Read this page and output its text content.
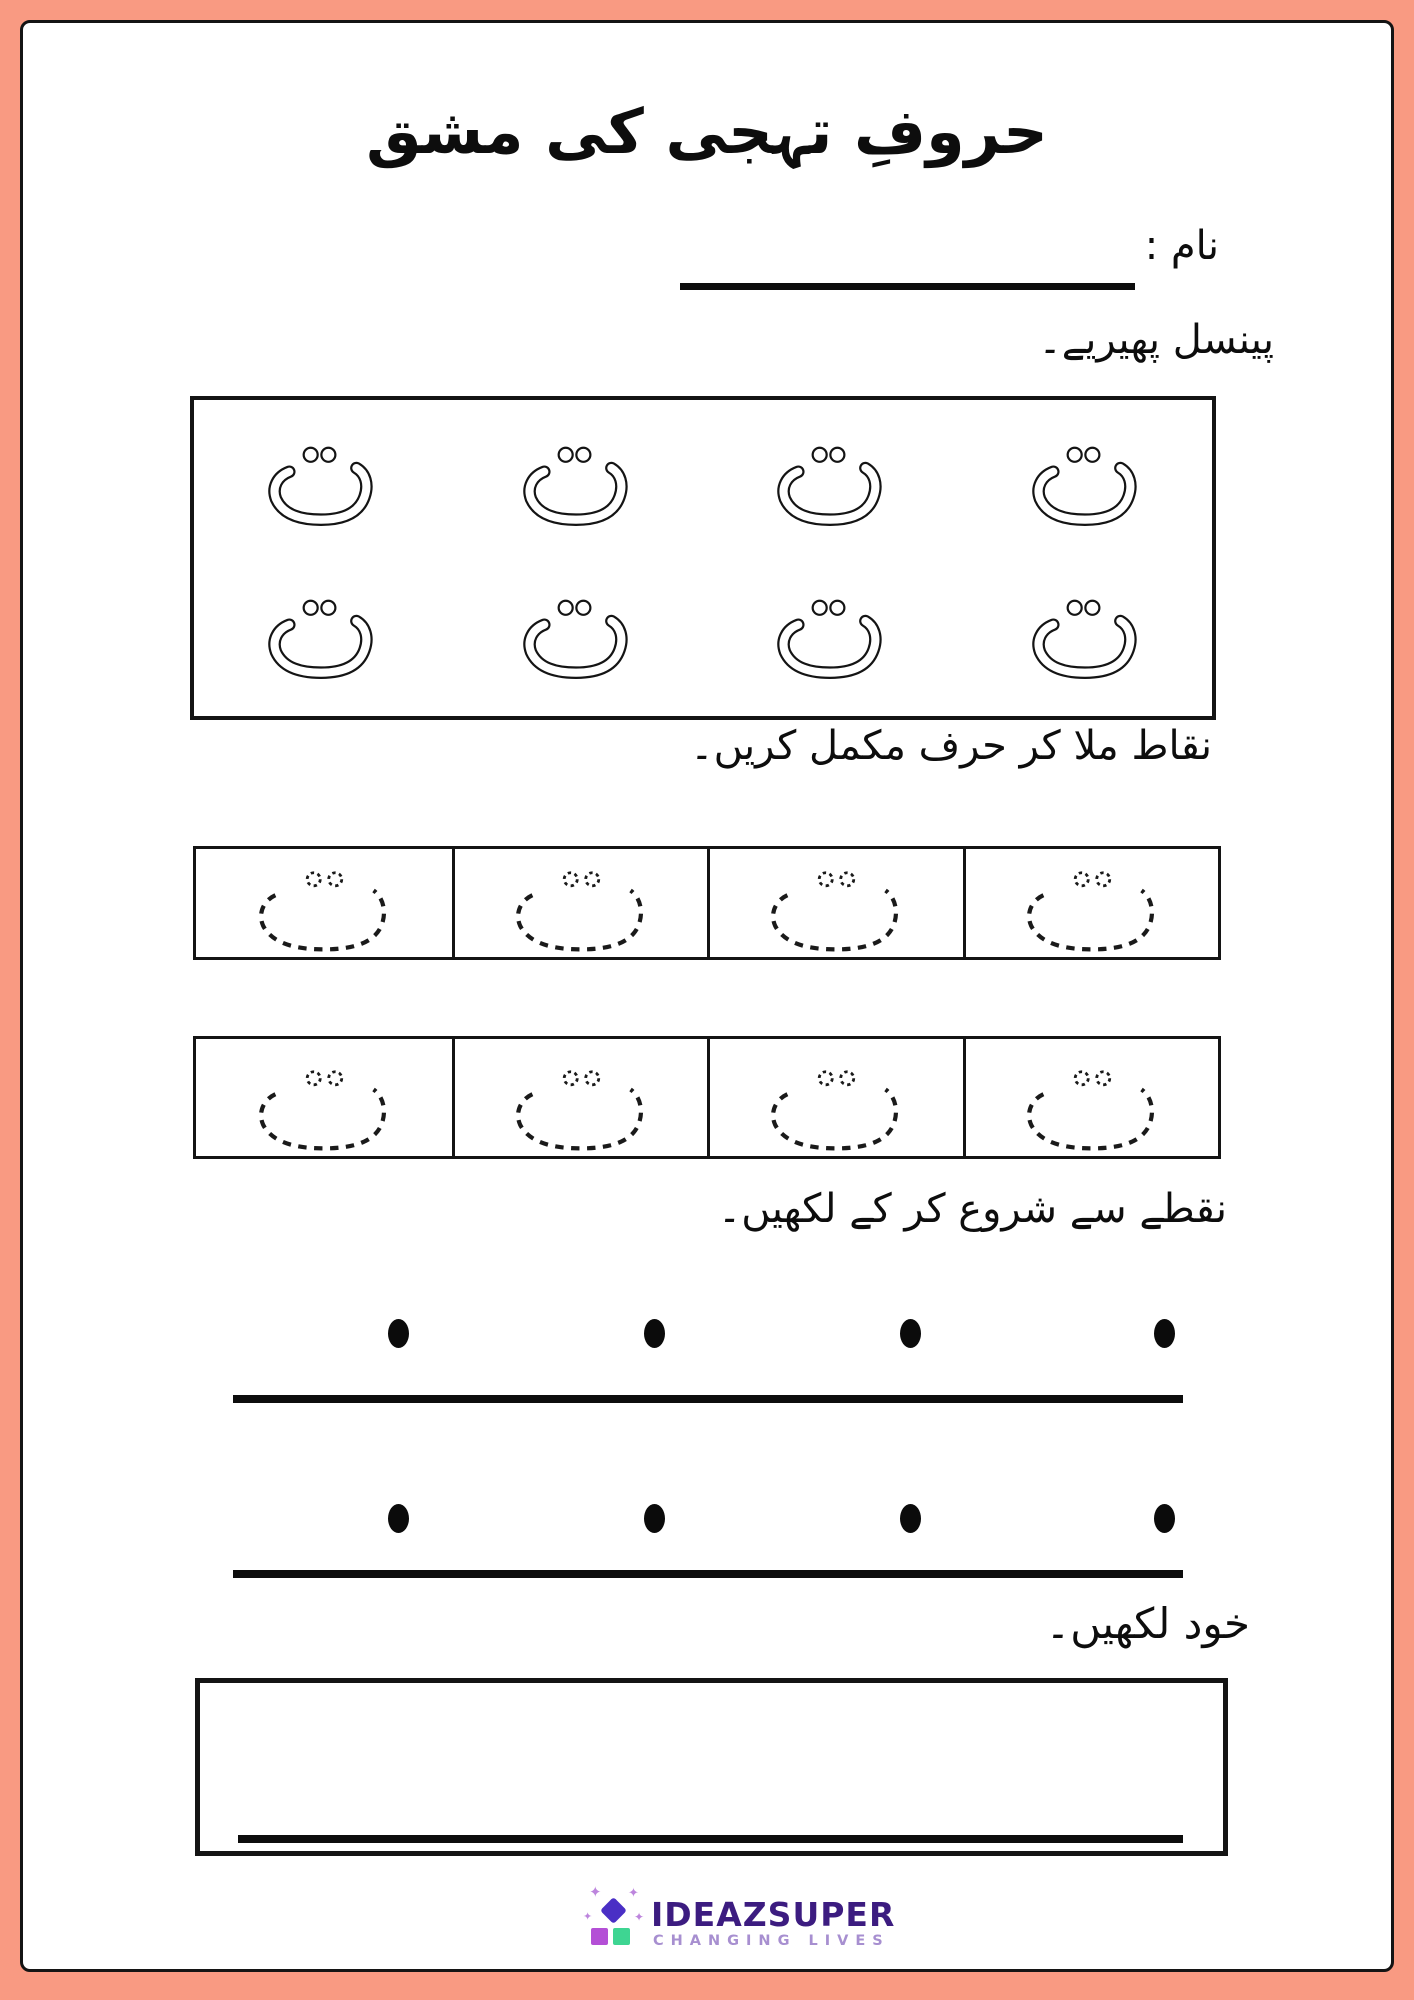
حروفِ تہجی کی مشق
نام :
پینسل پھیریے۔
نقاط ملا کر حرف مکمل کریں۔
نقطے سے شروع کر کے لکھیں۔
خود لکھیں۔
✦ ✦
✦	✦ IDEAZSUPER
CHANGING LIVES
